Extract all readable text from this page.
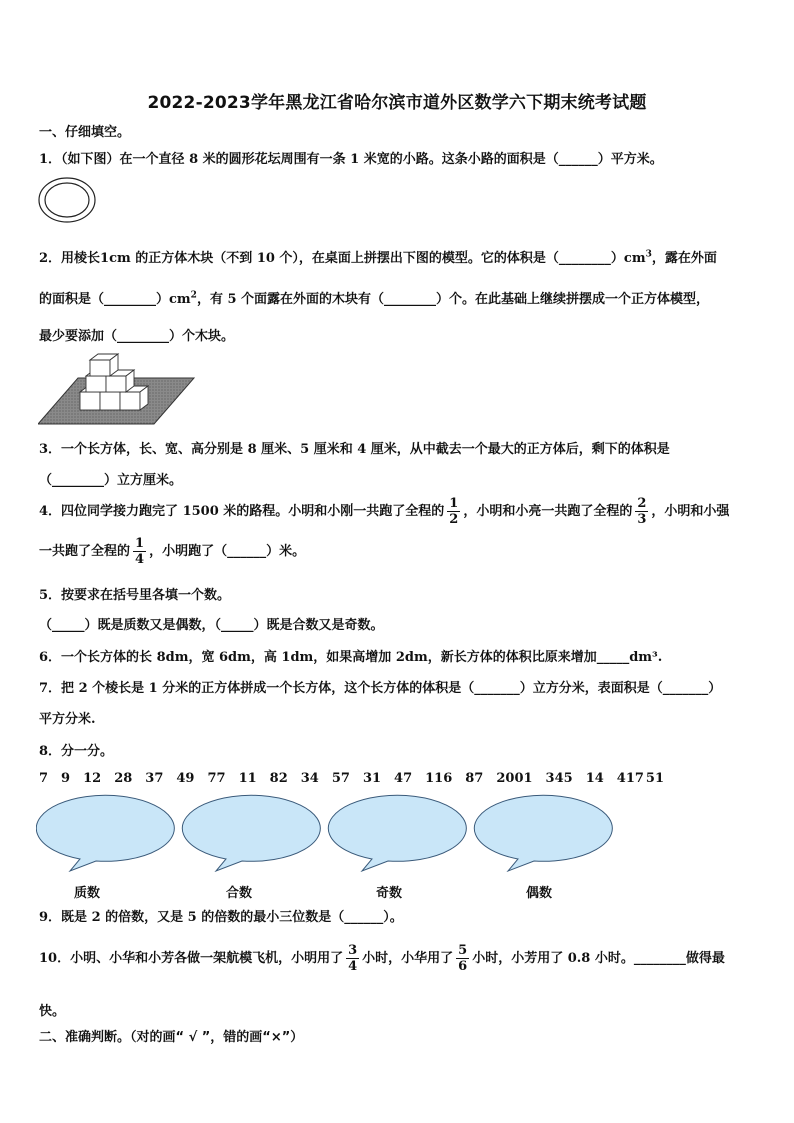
2022-2023学年黑龙江省哈尔滨市道外区数学六下期末统考试题
一、仔细填空。
1．（如下图）在一个直径 8 米的圆形花坛周围有一条 1 米宽的小路。这条小路的面积是（______）平方米。
2．用棱长1cm 的正方体木块（不到 10 个），在桌面上拼摆出下图的模型。它的体积是$(\_\_\_\_\_\_\_\_)cm^3$，露在外面
的面积是$(\_\_\_\_\_\_\_\_)cm^2$，有 5 个面露在外面的木块有（________）个。在此基础上继续拼摆成一个正方体模型，
最少要添加（________）个木块。
3．一个长方体，长、宽、高分别是 8 厘米、5 厘米和 4 厘米，从中截去一个最大的正方体后，剩下的体积是
（________）立方厘米。
4．四位同学接力跑完了 1500 米的路程。小明和小刚一共跑了全程的 $\frac{1}{2}$ ，小明和小亮一共跑了全程的 $\frac{2}{3}$ ，小明和小强
一共跑了全程的 $\frac{1}{4}$ ，小明跑了（______）米。
5．按要求在括号里各填一个数。
（_____）既是质数又是偶数，（_____）既是合数又是奇数。
6．一个长方体的长 8dm，宽 6dm，高 1dm，如果高增加 2dm，新长方体的体积比原来增加_____dm³.
7．把 2 个棱长是 1 分米的正方体拼成一个长方体，这个长方体的体积是（_______）立方分米，表面积是（_______）
平方分米.
8．分一分。
7 9 12 28 37 49 77 11 82 34 57 31 47 116 87 2001 345 14 417 51
质数	合数	奇数	偶数
9．既是 2 的倍数，又是 5 的倍数的最小三位数是（______）。
10．小明、小华和小芳各做一架航模飞机，小明用了 $\frac{3}{4}$ 小时，小华用了 $\frac{5}{6}$ 小时，小芳用了 0.8 小时。________做得最
快。
二、准确判断。（对的画“ √ ”，错的画“×”）
